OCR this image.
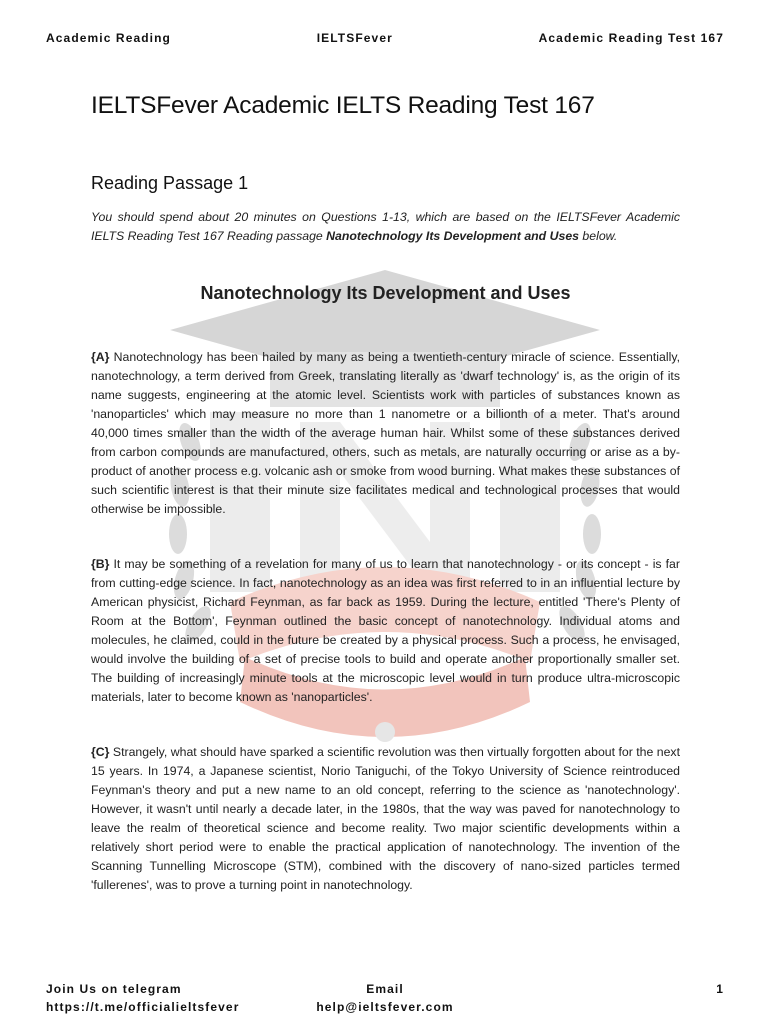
Academic Reading	IELTSFever	Academic Reading Test 167
IELTSFever Academic IELTS Reading Test 167
Reading Passage 1
You should spend about 20 minutes on Questions 1-13, which are based on the IELTSFever Academic IELTS Reading Test 167 Reading passage Nanotechnology Its Development and Uses below.
Nanotechnology Its Development and Uses
{A} Nanotechnology has been hailed by many as being a twentieth-century miracle of science. Essentially, nanotechnology, a term derived from Greek, translating literally as 'dwarf technology' is, as the origin of its name suggests, engineering at the atomic level. Scientists work with particles of substances known as 'nanoparticles' which may measure no more than 1 nanometre or a billionth of a meter. That's around 40,000 times smaller than the width of the average human hair. Whilst some of these substances derived from carbon compounds are manufactured, others, such as metals, are naturally occurring or arise as a by-product of another process e.g. volcanic ash or smoke from wood burning. What makes these substances of such scientific interest is that their minute size facilitates medical and technological processes that would otherwise be impossible.
{B} It may be something of a revelation for many of us to learn that nanotechnology - or its concept - is far from cutting-edge science. In fact, nanotechnology as an idea was first referred to in an influential lecture by American physicist, Richard Feynman, as far back as 1959. During the lecture, entitled 'There's Plenty of Room at the Bottom', Feynman outlined the basic concept of nanotechnology. Individual atoms and molecules, he claimed, could in the future be created by a physical process. Such a process, he envisaged, would involve the building of a set of precise tools to build and operate another proportionally smaller set. The building of increasingly minute tools at the microscopic level would in turn produce ultra-microscopic materials, later to become known as 'nanoparticles'.
{C} Strangely, what should have sparked a scientific revolution was then virtually forgotten about for the next 15 years. In 1974, a Japanese scientist, Norio Taniguchi, of the Tokyo University of Science reintroduced Feynman's theory and put a new name to an old concept, referring to the science as 'nanotechnology'. However, it wasn't until nearly a decade later, in the 1980s, that the way was paved for nanotechnology to leave the realm of theoretical science and become reality. Two major scientific developments within a relatively short period were to enable the practical application of nanotechnology. The invention of the Scanning Tunnelling Microscope (STM), combined with the discovery of nano-sized particles termed 'fullerenes', was to prove a turning point in nanotechnology.
Join Us on telegram
https://t.me/officialieltsfever
Email
help@ieltsfever.com
1
